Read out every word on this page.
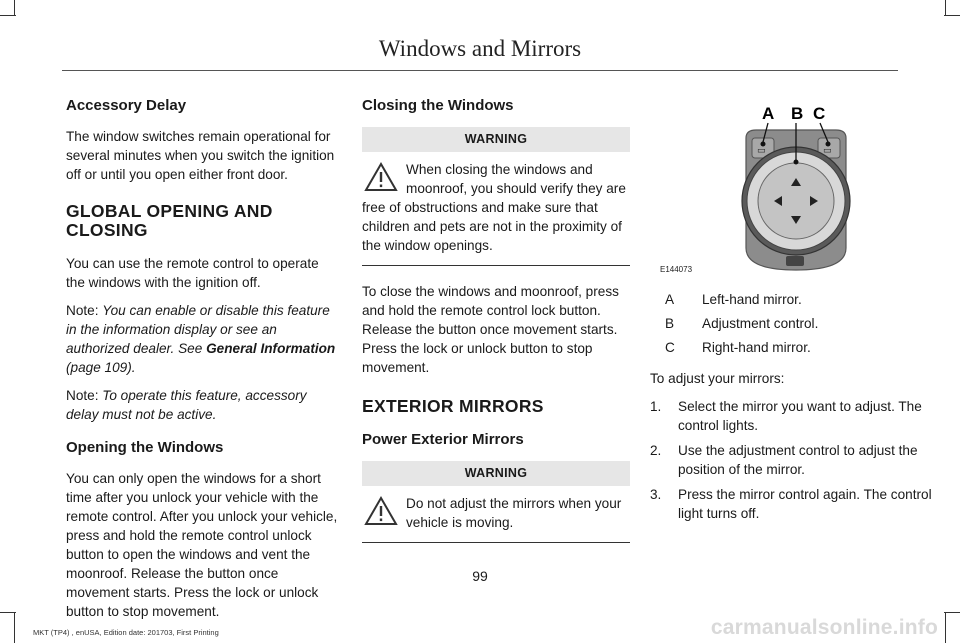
Windows and Mirrors
Accessory Delay

The window switches remain operational for several minutes when you switch the ignition off or until you open either front door.

GLOBAL OPENING AND CLOSING

You can use the remote control to operate the windows with the ignition off.

Note: You can enable or disable this feature in the information display or see an authorized dealer. See General Information (page 109).

Note: To operate this feature, accessory delay must not be active.

Opening the Windows

You can only open the windows for a short time after you unlock your vehicle with the remote control. After you unlock your vehicle, press and hold the remote control unlock button to open the windows and vent the moonroof. Release the button once movement starts. Press the lock or unlock button to stop movement.

Closing the Windows
WARNING
When closing the windows and moonroof, you should verify they are free of obstructions and make sure that children and pets are not in the proximity of the window openings.

To close the windows and moonroof, press and hold the remote control lock button. Release the button once movement starts. Press the lock or unlock button to stop movement.

EXTERIOR MIRRORS
Power Exterior Mirrors
WARNING
Do not adjust the mirrors when your vehicle is moving.
▭	▭
A B C
E144073
A	Left-hand mirror.
B	Adjustment control.
C	Right-hand mirror.

To adjust your mirrors:

1.	Select the mirror you want to adjust. The control lights.
2.	Use the adjustment control to adjust the position of the mirror.
3.	Press the mirror control again. The control light turns off.
99
MKT (TP4) , enUSA, Edition date: 201703, First Printing	carmanualsonline.info
